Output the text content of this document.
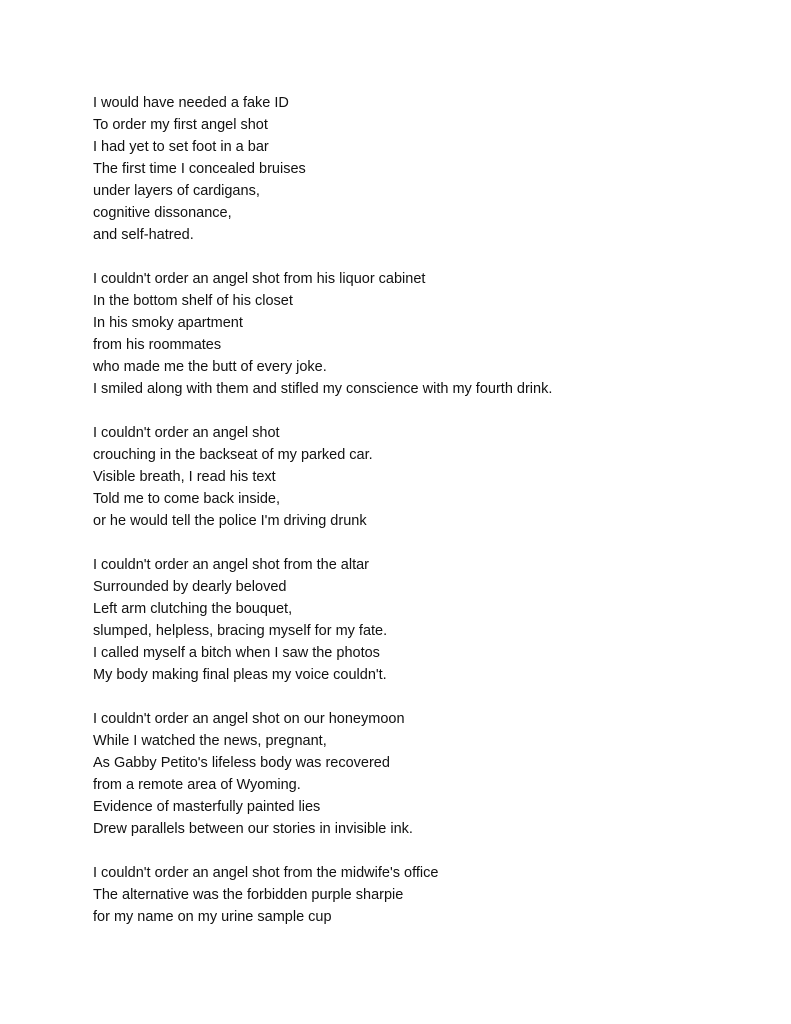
I would have needed a fake ID
To order my first angel shot
I had yet to set foot in a bar
The first time I concealed bruises
under layers of cardigans,
cognitive dissonance,
and self-hatred.
I couldn't order an angel shot from his liquor cabinet
In the bottom shelf of his closet
In his smoky apartment
from his roommates
who made me the butt of every joke.
I smiled along with them and stifled my conscience with my fourth drink.
I couldn't order an angel shot
crouching in the backseat of my parked car.
Visible breath, I read his text
Told me to come back inside,
or he would tell the police I'm driving drunk
I couldn't order an angel shot from the altar
Surrounded by dearly beloved
Left arm clutching the bouquet,
slumped, helpless, bracing myself for my fate.
I called myself a bitch when I saw the photos
My body making final pleas my voice couldn't.
I couldn't order an angel shot on our honeymoon
While I watched the news, pregnant,
As Gabby Petito's lifeless body was recovered
from a remote area of Wyoming.
Evidence of masterfully painted lies
Drew parallels between our stories in invisible ink.
I couldn't order an angel shot from the midwife's office
The alternative was the forbidden purple sharpie
for my name on my urine sample cup
